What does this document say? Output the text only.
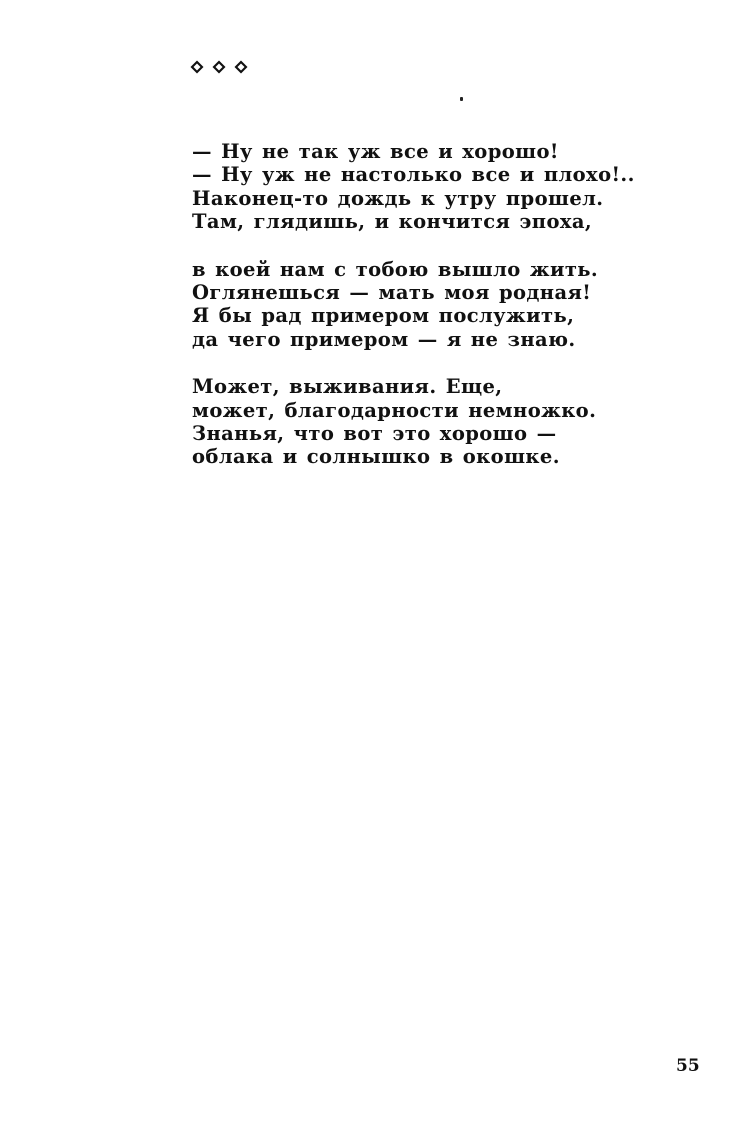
— Ну не так уж все и хорошо!
— Ну уж не настолько все и плохо!..
Наконец-то дождь к утру прошел.
Там, глядишь, и кончится эпоха,
в коей нам с тобою вышло жить.
Оглянешься — мать моя родная!
Я бы рад примером послужить,
да чего примером — я не знаю.
Может, выживания. Еще,
может, благодарности немножко.
Знанья, что вот это хорошо —
облака и солнышко в окошке.
55
